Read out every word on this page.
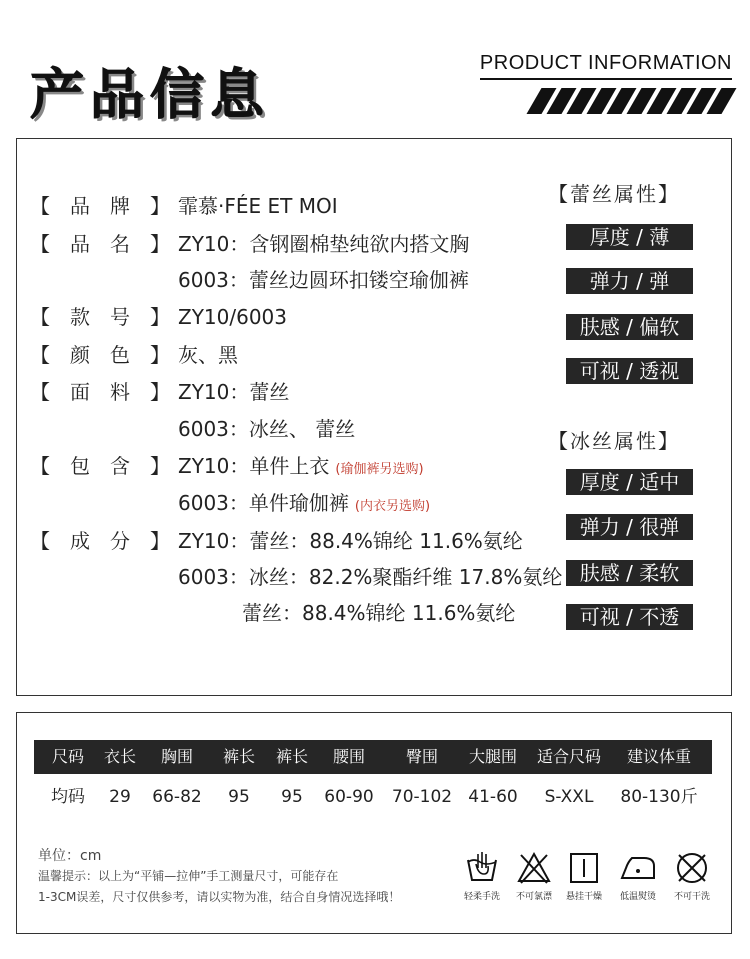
产品信息	PRODUCT INFORMATION
【 品 牌 】 霏慕·FÉE ET MOI
【 品 名 】 ZY10：含钢圈棉垫纯欲内搭文胸
6003：蕾丝边圆环扣镂空瑜伽裤
【 款 号 】 ZY10/6003
【 颜 色 】 灰、黑
【 面 料 】 ZY10：蕾丝
6003：冰丝、 蕾丝
【 包 含 】 ZY10：单件上衣 (瑜伽裤另选购)
6003：单件瑜伽裤 (内衣另选购)
【 成 分 】 ZY10：蕾丝：88.4%锦纶 11.6%氨纶
6003：冰丝：82.2%聚酯纤维 17.8%氨纶
蕾丝：88.4%锦纶 11.6%氨纶
【蕾丝属性】
厚度 / 薄
弹力 / 弹
肤感 / 偏软
可视 / 透视
【冰丝属性】
厚度 / 适中
弹力 / 很弹
肤感 / 柔软
可视 / 不透
尺码 衣长 胸围 裤长 裤长 腰围	臀围 大腿围 适合尺码 建议体重
均码 29 66-82 95 95 60-90 70-102 41-60 S-XXL 80-130斤
单位：cm
温馨提示：以上为“平铺—拉伸”手工测量尺寸，可能存在
1-3CM误差，尺寸仅供参考，请以实物为准，结合自身情况选择哦！	轻柔手洗	不可氯漂	悬挂干燥	低温熨烫	不可干洗
